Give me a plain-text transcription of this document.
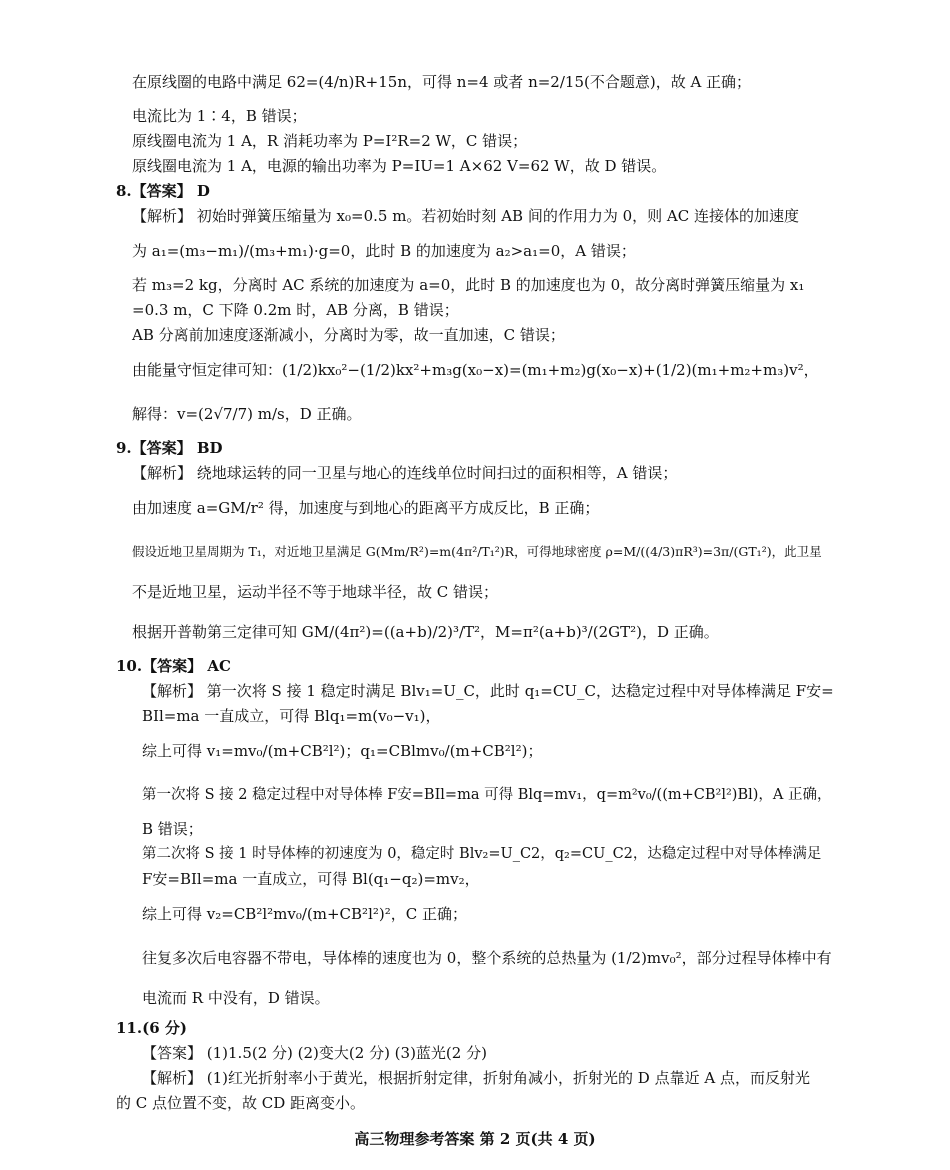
在原线圈的电路中满足 62=(4/n)R+15n，可得 n=4 或者 n=2/15(不合题意)，故 A 正确；
电流比为 1∶4，B 错误；
原线圈电流为 1 A，R 消耗功率为 P=I²R=2 W，C 错误；
原线圈电流为 1 A，电源的输出功率为 P=IU=1 A×62 V=62 W，故 D 错误。
8.【答案】 D
【解析】 初始时弹簧压缩量为 x₀=0.5 m。若初始时刻 AB 间的作用力为 0，则 AC 连接体的加速度
为 a₁=(m₃−m₁)/(m₃+m₁)·g=0，此时 B 的加速度为 a₂>a₁=0，A 错误；
若 m₃=2 kg，分离时 AC 系统的加速度为 a=0，此时 B 的加速度也为 0，故分离时弹簧压缩量为 x₁
=0.3 m，C 下降 0.2m 时，AB 分离，B 错误；
AB 分离前加速度逐渐减小，分离时为零，故一直加速，C 错误；
由能量守恒定律可知：(1/2)kx₀²−(1/2)kx²+m₃g(x₀−x)=(m₁+m₂)g(x₀−x)+(1/2)(m₁+m₂+m₃)v²，
解得：v=(2√7/7) m/s，D 正确。
9.【答案】 BD
【解析】 绕地球运转的同一卫星与地心的连线单位时间扫过的面积相等，A 错误；
由加速度 a=GM/r² 得，加速度与到地心的距离平方成反比，B 正确；
假设近地卫星周期为 T₁，对近地卫星满足 G(Mm/R²)=m(4π²/T₁²)R，可得地球密度 ρ=M/((4/3)πR³)=3π/(GT₁²)，此卫星
不是近地卫星，运动半径不等于地球半径，故 C 错误；
根据开普勒第三定律可知 GM/(4π²)=((a+b)/2)³/T²，M=π²(a+b)³/(2GT²)，D 正确。
10.【答案】 AC
【解析】 第一次将 S 接 1 稳定时满足 Blv₁=U_C，此时 q₁=CU_C，达稳定过程中对导体棒满足 F安=
BIl=ma 一直成立，可得 Blq₁=m(v₀−v₁)，
综上可得 v₁=mv₀/(m+CB²l²)；q₁=CBlmv₀/(m+CB²l²)；
第一次将 S 接 2 稳定过程中对导体棒 F安=BIl=ma 可得 Blq=mv₁，q=m²v₀/((m+CB²l²)Bl)，A 正确，
B 错误；
第二次将 S 接 1 时导体棒的初速度为 0，稳定时 Blv₂=U_C2，q₂=CU_C2，达稳定过程中对导体棒满足
F安=BIl=ma 一直成立，可得 Bl(q₁−q₂)=mv₂，
综上可得 v₂=CB²l²mv₀/(m+CB²l²)²，C 正确；
往复多次后电容器不带电，导体棒的速度也为 0，整个系统的总热量为 (1/2)mv₀²，部分过程导体棒中有
电流而 R 中没有，D 错误。
11.(6 分)
【答案】 (1)1.5(2 分) (2)变大(2 分) (3)蓝光(2 分)
【解析】 (1)红光折射率小于黄光，根据折射定律，折射角减小，折射光的 D 点靠近 A 点，而反射光
的 C 点位置不变，故 CD 距离变小。
高三物理参考答案 第 2 页(共 4 页)
